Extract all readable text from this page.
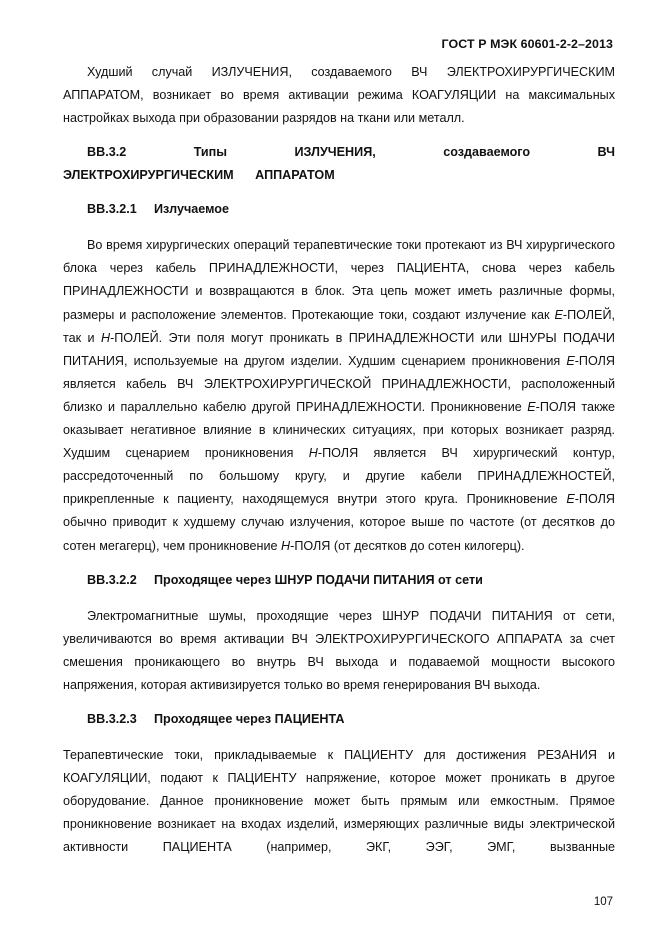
ГОСТ Р МЭК 60601-2-2–2013

Худший случай ИЗЛУЧЕНИЯ, создаваемого ВЧ ЭЛЕКТРОХИРУРГИЧЕСКИМ АППАРАТОМ, возникает во время активации режима КОАГУЛЯЦИИ на максимальных настройках выхода при образовании разрядов на ткани или металл.

BB.3.2	Типы ИЗЛУЧЕНИЯ, создаваемого ВЧ ЭЛЕКТРОХИРУРГИЧЕСКИМ АППАРАТОМ

BB.3.2.1 Излучаемое

Во время хирургических операций терапевтические токи протекают из ВЧ хирургического блока через кабель ПРИНАДЛЕЖНОСТИ, через ПАЦИЕНТА, снова через кабель ПРИНАДЛЕЖНОСТИ и возвращаются в блок. Эта цепь может иметь различные формы, размеры и расположение элементов. Протекающие токи, создают излучение как E-ПОЛЕЙ, так и H-ПОЛЕЙ. Эти поля могут проникать в ПРИНАДЛЕЖНОСТИ или ШНУРЫ ПОДАЧИ ПИТАНИЯ, используемые на другом изделии. Худшим сценарием проникновения E-ПОЛЯ является кабель ВЧ ЭЛЕКТРОХИРУРГИЧЕСКОЙ ПРИНАДЛЕЖНОСТИ, расположенный близко и параллельно кабелю другой ПРИНАДЛЕЖНОСТИ. Проникновение E-ПОЛЯ также оказывает негативное влияние в клинических ситуациях, при которых возникает разряд. Худшим сценарием проникновения H-ПОЛЯ является ВЧ хирургический контур, рассредоточенный по большому кругу, и другие кабели ПРИНАДЛЕЖНОСТЕЙ, прикрепленные к пациенту, находящемуся внутри этого круга. Проникновение E-ПОЛЯ обычно приводит к худшему случаю излучения, которое выше по частоте (от десятков до сотен мегагерц), чем проникновение H-ПОЛЯ (от десятков до сотен килогерц).

BB.3.2.2 Проходящее через ШНУР ПОДАЧИ ПИТАНИЯ от сети

Электромагнитные шумы, проходящие через ШНУР ПОДАЧИ ПИТАНИЯ от сети, увеличиваются во время активации ВЧ ЭЛЕКТРОХИРУРГИЧЕСКОГО АППАРАТА за счет смешения проникающего во внутрь ВЧ выхода и подаваемой мощности высокого напряжения, которая активизируется только во время генерирования ВЧ выхода.

BB.3.2.3 Проходящее через ПАЦИЕНТА

Терапевтические токи, прикладываемые к ПАЦИЕНТУ для достижения РЕЗАНИЯ и КОАГУЛЯЦИИ, подают к ПАЦИЕНТУ напряжение, которое может проникать в другое оборудование. Данное проникновение может быть прямым или емкостным. Прямое проникновение возникает на входах изделий, измеряющих различные виды электрической активности ПАЦИЕНТА (например, ЭКГ, ЭЭГ, ЭМГ, вызванные

107
